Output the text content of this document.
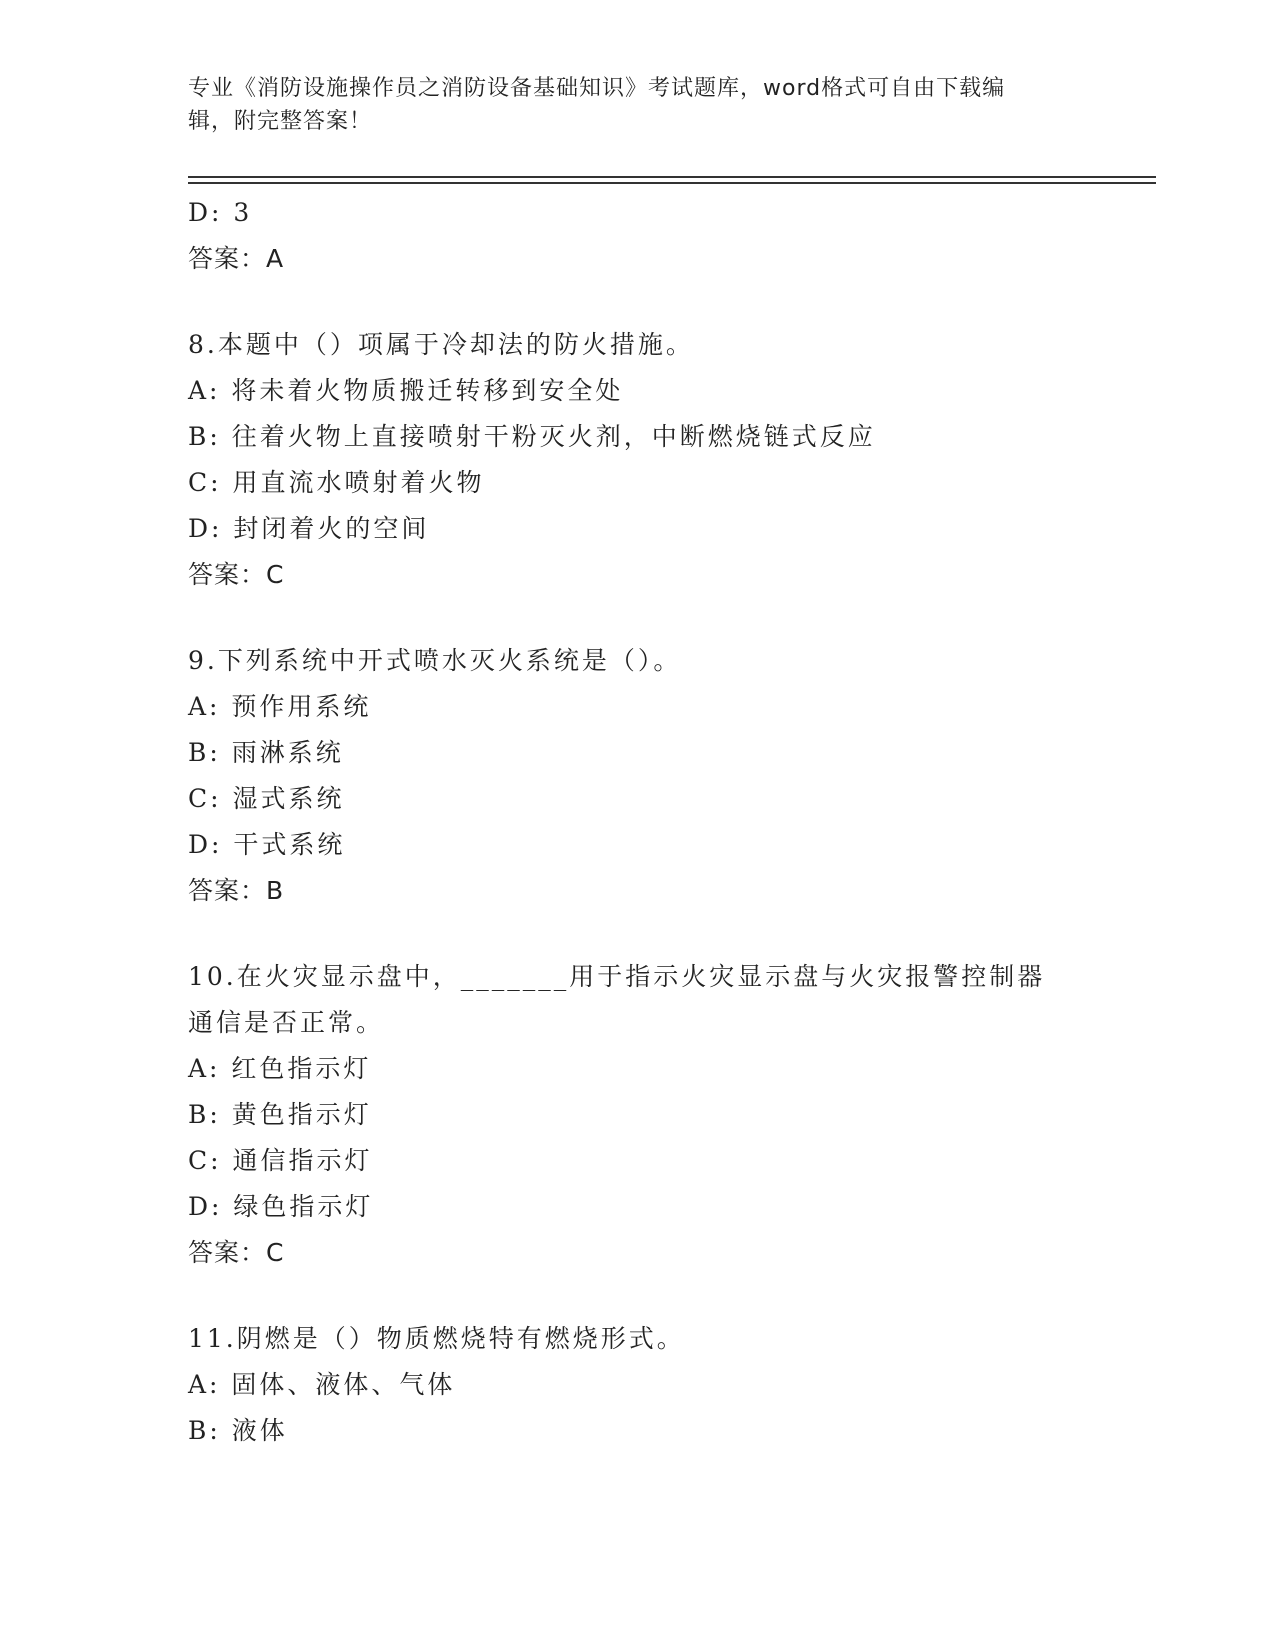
专业《消防设施操作员之消防设备基础知识》考试题库，word格式可自由下载编
辑，附完整答案！
D: 3
答案：A
8.本题中（）项属于冷却法的防火措施。
A: 将未着火物质搬迁转移到安全处
B: 往着火物上直接喷射干粉灭火剂，中断燃烧链式反应
C: 用直流水喷射着火物
D: 封闭着火的空间
答案：C
9.下列系统中开式喷水灭火系统是（）。
A: 预作用系统
B: 雨淋系统
C: 湿式系统
D: 干式系统
答案：B
10.在火灾显示盘中，_______用于指示火灾显示盘与火灾报警控制器
通信是否正常。
A: 红色指示灯
B: 黄色指示灯
C: 通信指示灯
D: 绿色指示灯
答案：C
11.阴燃是（）物质燃烧特有燃烧形式。
A: 固体、液体、气体
B: 液体
